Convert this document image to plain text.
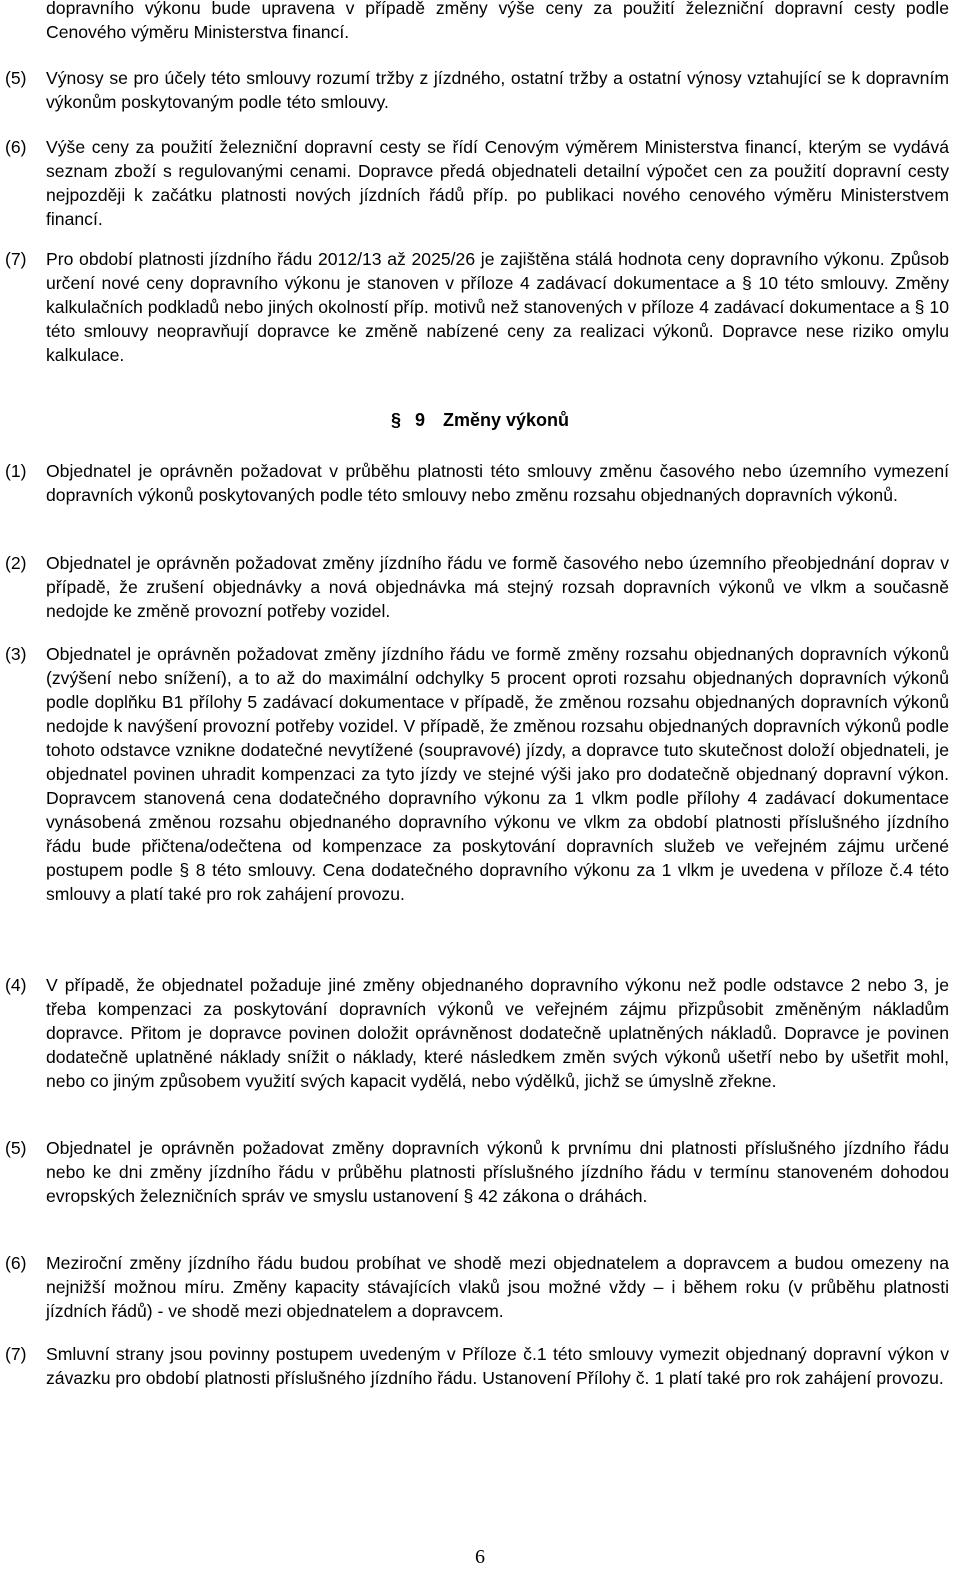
dopravního výkonu bude upravena v případě změny výše ceny za použití železniční dopravní cesty podle Cenového výměru Ministerstva financí.
(5)	Výnosy se pro účely této smlouvy rozumí tržby z jízdného, ostatní tržby a ostatní výnosy vztahující se k dopravním výkonům poskytovaným podle této smlouvy.
(6)	Výše ceny za použití železniční dopravní cesty se řídí Cenovým výměrem Ministerstva financí, kterým se vydává seznam zboží s regulovanými cenami. Dopravce předá objednateli detailní výpočet cen za použití dopravní cesty nejpozději k začátku platnosti nových jízdních řádů příp. po publikaci nového cenového výměru Ministerstvem financí.
(7)	Pro období platnosti jízdního řádu 2012/13 až 2025/26 je zajištěna stálá hodnota ceny dopravního výkonu. Způsob určení nové ceny dopravního výkonu je stanoven v příloze 4 zadávací dokumentace a § 10 této smlouvy. Změny kalkulačních podkladů nebo jiných okolností příp. motivů než stanovených v příloze 4 zadávací dokumentace a § 10 této smlouvy neopravňují dopravce ke změně nabízené ceny za realizaci výkonů. Dopravce nese riziko omylu kalkulace.
§ 9 Změny výkonů
(1)	Objednatel je oprávněn požadovat v průběhu platnosti této smlouvy změnu časového nebo územního vymezení dopravních výkonů poskytovaných podle této smlouvy nebo změnu rozsahu objednaných dopravních výkonů.
(2)	Objednatel je oprávněn požadovat změny jízdního řádu ve formě časového nebo územního přeobjednání doprav v případě, že zrušení objednávky a nová objednávka má stejný rozsah dopravních výkonů ve vlkm a současně nedojde ke změně provozní potřeby vozidel.
(3)	Objednatel je oprávněn požadovat změny jízdního řádu ve formě změny rozsahu objednaných dopravních výkonů (zvýšení nebo snížení), a to až do maximální odchylky 5 procent oproti rozsahu objednaných dopravních výkonů podle doplňku B1 přílohy 5 zadávací dokumentace v případě, že změnou rozsahu objednaných dopravních výkonů nedojde k navýšení provozní potřeby vozidel. V případě, že změnou rozsahu objednaných dopravních výkonů podle tohoto odstavce vznikne dodatečné nevytížené (soupravové) jízdy, a dopravce tuto skutečnost doloží objednateli, je objednatel povinen uhradit kompenzaci za tyto jízdy ve stejné výši jako pro dodatečně objednaný dopravní výkon. Dopravcem stanovená cena dodatečného dopravního výkonu za 1 vlkm podle přílohy 4 zadávací dokumentace vynásobená změnou rozsahu objednaného dopravního výkonu ve vlkm za období platnosti příslušného jízdního řádu bude přičtena/odečtena od kompenzace za poskytování dopravních služeb ve veřejném zájmu určené postupem podle § 8 této smlouvy. Cena dodatečného dopravního výkonu za 1 vlkm je uvedena v příloze č.4 této smlouvy a platí také pro rok zahájení provozu.
(4)	V případě, že objednatel požaduje jiné změny objednaného dopravního výkonu než podle odstavce 2 nebo 3, je třeba kompenzaci za poskytování dopravních výkonů ve veřejném zájmu přizpůsobit změněným nákladům dopravce. Přitom je dopravce povinen doložit oprávněnost dodatečně uplatněných nákladů. Dopravce je povinen dodatečně uplatněné náklady snížit o náklady, které následkem změn svých výkonů ušetří nebo by ušetřit mohl, nebo co jiným způsobem využití svých kapacit vydělá, nebo výdělků, jichž se úmyslně zřekne.
(5)	Objednatel je oprávněn požadovat změny dopravních výkonů k prvnímu dni platnosti příslušného jízdního řádu nebo ke dni změny jízdního řádu v průběhu platnosti příslušného jízdního řádu v termínu stanoveném dohodou evropských železničních správ ve smyslu ustanovení § 42 zákona o dráhách.
(6)	Meziroční změny jízdního řádu budou probíhat ve shodě mezi objednatelem a dopravcem a budou omezeny na nejnižší možnou míru. Změny kapacity stávajících vlaků jsou možné vždy – i během roku (v průběhu platnosti jízdních řádů) - ve shodě mezi objednatelem a dopravcem.
(7)	Smluvní strany jsou povinny postupem uvedeným v Příloze č.1 této smlouvy vymezit objednaný dopravní výkon v závazku pro období platnosti příslušného jízdního řádu. Ustanovení Přílohy č. 1 platí také pro rok zahájení provozu.
6
